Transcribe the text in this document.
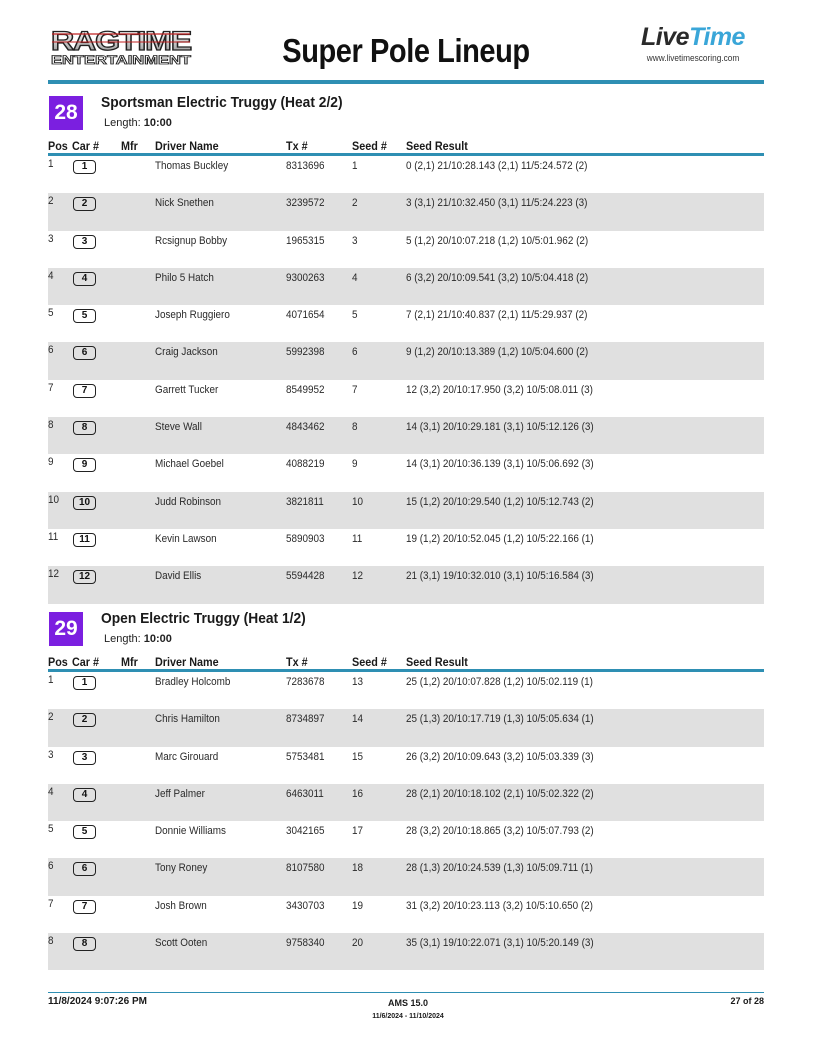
RAGTIME
ENTERTAINMENT	Super Pole Lineup	LiveTime
www.livetimescoring.com
28	Sportsman Electric Truggy (Heat 2/2)
Length: 10:00
Pos Car # Mfr Driver Name	Tx #	Seed # Seed Result
1	1	Thomas Buckley	8313696 1	0 (2,1) 21/10:28.143 (2,1) 11/5:24.572 (2)
2	2	Nick Snethen	3239572 2	3 (3,1) 21/10:32.450 (3,1) 11/5:24.223 (3)
3	3	Rcsignup Bobby	1965315 3	5 (1,2) 20/10:07.218 (1,2) 10/5:01.962 (2)
4	4	Philo 5 Hatch	9300263 4	6 (3,2) 20/10:09.541 (3,2) 10/5:04.418 (2)
5	5	Joseph Ruggiero	4071654 5	7 (2,1) 21/10:40.837 (2,1) 11/5:29.937 (2)
6	6	Craig Jackson	5992398 6	9 (1,2) 20/10:13.389 (1,2) 10/5:04.600 (2)
7	7	Garrett Tucker	8549952 7	12 (3,2) 20/10:17.950 (3,2) 10/5:08.011 (3)
8	8	Steve Wall	4843462 8	14 (3,1) 20/10:29.181 (3,1) 10/5:12.126 (3)
9	9	Michael Goebel	4088219 9	14 (3,1) 20/10:36.139 (3,1) 10/5:06.692 (3)
10	10	Judd Robinson	3821811	10	15 (1,2) 20/10:29.540 (1,2) 10/5:12.743 (2)
11	11	Kevin Lawson	5890903 11	19 (1,2) 20/10:52.045 (1,2) 10/5:22.166 (1)
12	12	David Ellis	5594428 12	21 (3,1) 19/10:32.010 (3,1) 10/5:16.584 (3)
29	Open Electric Truggy (Heat 1/2)
Length: 10:00
Pos Car # Mfr Driver Name	Tx #	Seed # Seed Result
1	1	Bradley Holcomb	7283678 13	25 (1,2) 20/10:07.828 (1,2) 10/5:02.119 (1)
2	2	Chris Hamilton	8734897 14	25 (1,3) 20/10:17.719 (1,3) 10/5:05.634 (1)
3	3	Marc Girouard	5753481 15	26 (3,2) 20/10:09.643 (3,2) 10/5:03.339 (3)
4	4	Jeff Palmer	6463011	16	28 (2,1) 20/10:18.102 (2,1) 10/5:02.322 (2)
5	5	Donnie Williams	3042165 17	28 (3,2) 20/10:18.865 (3,2) 10/5:07.793 (2)
6	6	Tony Roney	8107580 18	28 (1,3) 20/10:24.539 (1,3) 10/5:09.711 (1)
7	7	Josh Brown	3430703 19	31 (3,2) 20/10:23.113 (3,2) 10/5:10.650 (2)
8	8	Scott Ooten	9758340 20	35 (3,1) 19/10:22.071 (3,1) 10/5:20.149 (3)
11/8/2024 9:07:26 PM	AMS 15.0
11/6/2024 - 11/10/2024
27 of 28
